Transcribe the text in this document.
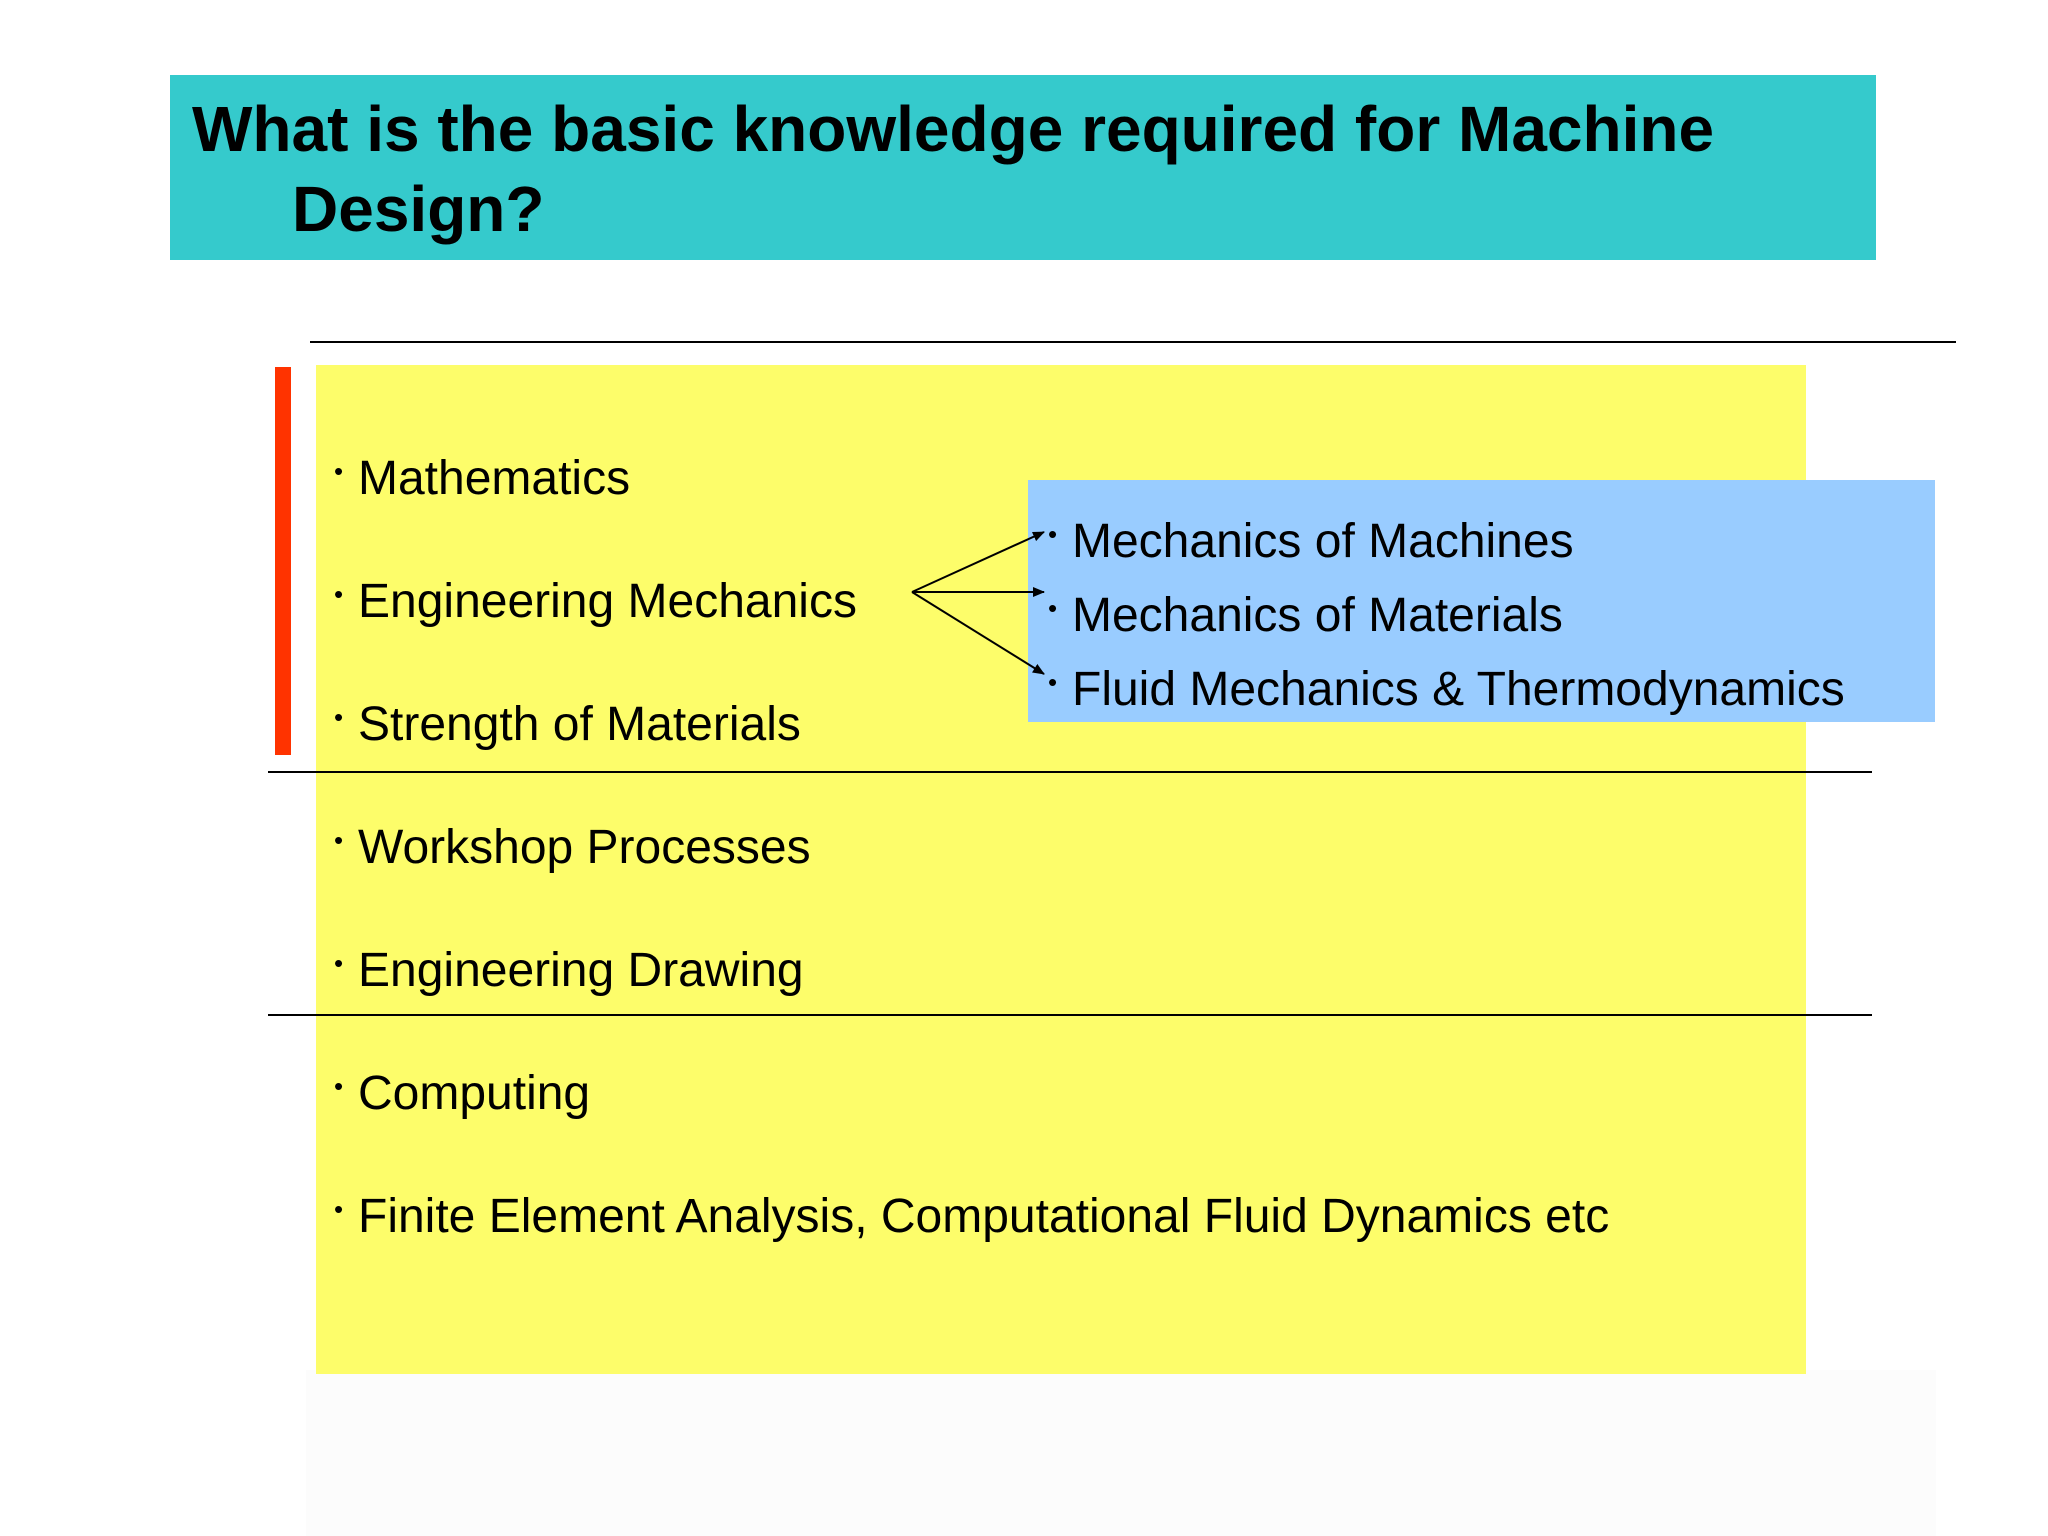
What is the basic knowledge required for Machine Design?

• Mathematics
• Engineering Mechanics
• Strength of Materials
• Workshop Processes
• Engineering Drawing
• Computing
• Finite Element Analysis, Computational Fluid Dynamics etc
• Mechanics of Machines
• Mechanics of Materials
• Fluid Mechanics & Thermodynamics
